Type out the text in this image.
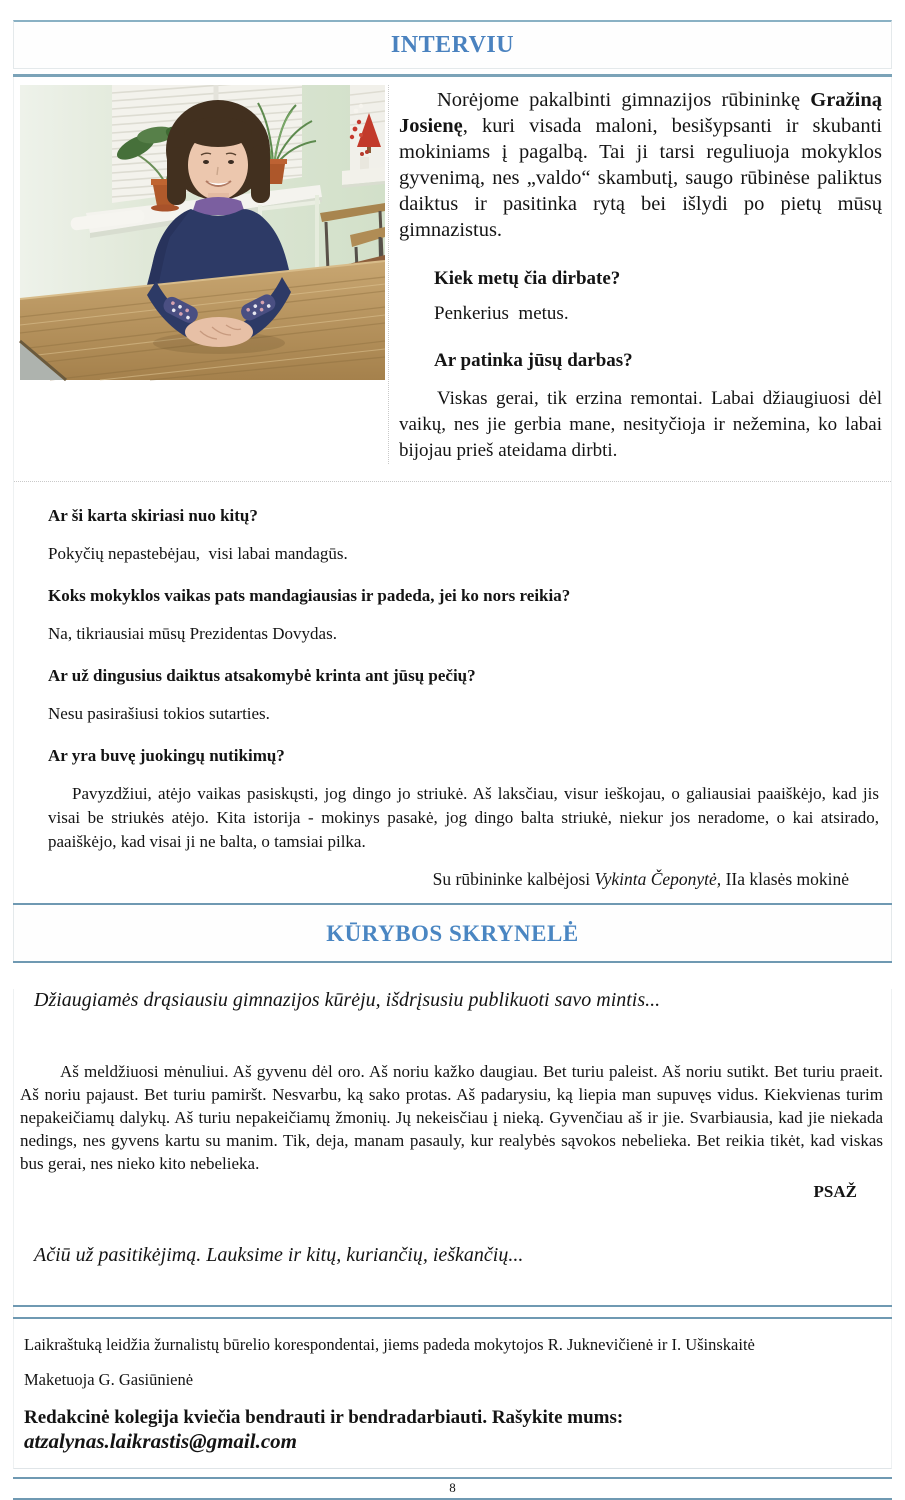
INTERVIU

Norėjome pakalbinti gimnazijos rūbininkę Gražiną Josienę, kuri visada maloni, besišypsanti ir skubanti mokiniams į pagalbą. Tai ji tarsi reguliuoja mokyklos gyvenimą, nes „valdo“ skambutį, saugo rūbinėse paliktus daiktus ir pasitinka rytą bei išlydi po pietų mūsų gimnazistus.

Kiek metų čia dirbate?

Penkerius  metus.

Ar patinka jūsų darbas?

Viskas gerai, tik erzina remontai. Labai džiaugiuosi dėl vaikų, nes jie gerbia mane, nesityčioja ir nežemina, ko labai bijojau prieš ateidama dirbti.

Ar ši karta skiriasi nuo kitų?

Pokyčių nepastebėjau,  visi labai mandagūs.

Koks mokyklos vaikas pats mandagiausias ir padeda, jei ko nors reikia?

Na, tikriausiai mūsų Prezidentas Dovydas.

Ar už dingusius daiktus atsakomybė krinta ant jūsų pečių?

Nesu pasirašiusi tokios sutarties.

Ar yra buvę juokingų nutikimų?

Pavyzdžiui, atėjo vaikas pasiskųsti, jog dingo jo striukė. Aš laksčiau, visur ieškojau, o galiausiai paaiškėjo, kad jis visai be striukės atėjo. Kita istorija - mokinys pasakė, jog dingo balta striukė, niekur jos neradome, o kai atsirado, paaiškėjo, kad visai ji ne balta, o tamsiai pilka.

Su rūbininke kalbėjosi Vykinta Čeponytė, IIa klasės mokinė

KŪRYBOS SKRYNELĖ

Džiaugiamės drąsiausiu gimnazijos kūrėju, išdrįsusiu publikuoti savo mintis...

Aš meldžiuosi mėnuliui. Aš gyvenu dėl oro. Aš noriu kažko daugiau. Bet turiu paleist. Aš noriu sutikt. Bet turiu praeit. Aš noriu pajaust. Bet turiu pamiršt. Nesvarbu, ką sako protas. Aš padarysiu, ką liepia man supuvęs vidus. Kiekvienas turim nepakeičiamų dalykų. Aš turiu nepakeičiamų žmonių. Jų nekeisčiau į nieką. Gyvenčiau aš ir jie. Svarbiausia, kad jie niekada nedings, nes gyvens kartu su manim. Tik, deja, manam pasauly, kur realybės sąvokos nebelieka. Bet reikia tikėt, kad viskas bus gerai, nes nieko kito nebelieka.

PSAŽ

Ačiū už pasitikėjimą. Lauksime ir kitų, kuriančių, ieškančių...

Laikraštuką leidžia žurnalistų būrelio korespondentai, jiems padeda mokytojos R. Juknevičienė ir I. Ušinskaitė

Maketuoja G. Gasiūnienė

Redakcinė kolegija kviečia bendrauti ir bendradarbiauti. Rašykite mums: atzalynas.laikrastis@gmail.com

8
